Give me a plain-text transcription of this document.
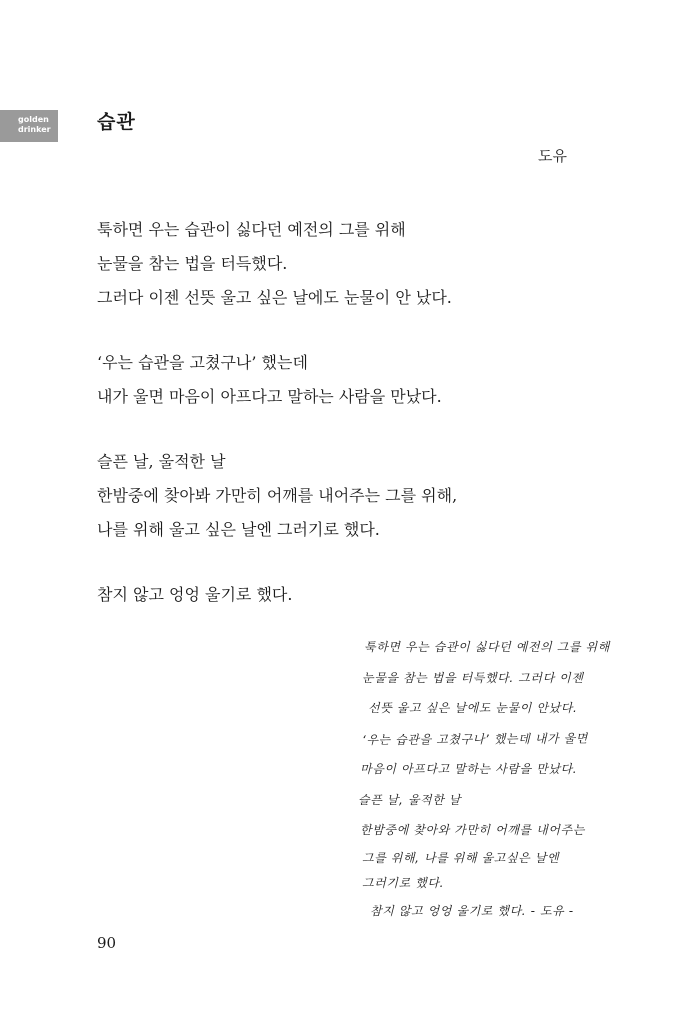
golden
drinker	습관
도유
툭하면 우는 습관이 싫다던 예전의 그를 위해
눈물을 참는 법을 터득했다.
그러다 이젠 선뜻 울고 싶은 날에도 눈물이 안 났다.
‘우는 습관을 고쳤구나’ 했는데
내가 울면 마음이 아프다고 말하는 사람을 만났다.
슬픈 날, 울적한 날
한밤중에 찾아봐 가만히 어깨를 내어주는 그를 위해,
나를 위해 울고 싶은 날엔 그러기로 했다.
참지 않고 엉엉 울기로 했다.
툭하면 우는 습관이 싫다던 예전의 그를 위해
눈물을 참는 법을 터득했다. 그러다 이젠
선뜻 울고 싶은 날에도 눈물이 안났다.
‘우는 습관을 고쳤구나’ 했는데 내가 울면
마음이 아프다고 말하는 사람을 만났다.
슬픈 날, 울적한 날
한밤중에 찾아와 가만히 어깨를 내어주는
그를 위해, 나를 위해 울고싶은 날엔
그러기로 했다.
참지 않고 엉엉 울기로 했다. - 도유 -
90
